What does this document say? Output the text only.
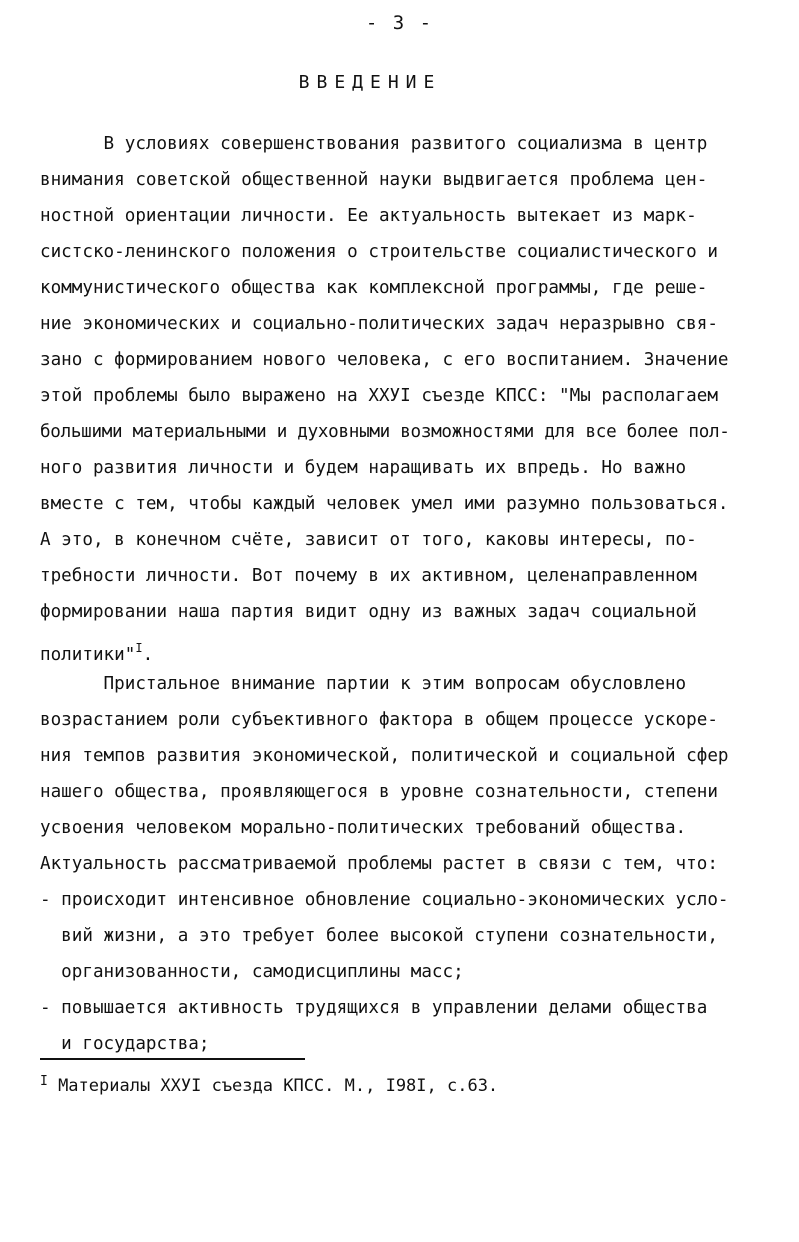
- 3 -
ВВЕДЕНИЕ
В условиях совершенствования развитого социализма в центр
внимания советской общественной науки выдвигается проблема цен-
ностной ориентации личности. Ее актуальность вытекает из марк-
систско-ленинского положения о строительстве социалистического и
коммунистического общества как комплексной программы, где реше-
ние экономических и социально-политических задач неразрывно свя-
зано с формированием нового человека, с его воспитанием. Значение
этой проблемы было выражено на ХХУI съезде КПСС: "Мы располагаем
большими материальными и духовными возможностями для все более пол-
ного развития личности и будем наращивать их впредь. Но важно
вместе с тем, чтобы каждый человек умел ими разумно пользоваться.
А это, в конечном счёте, зависит от того, каковы интересы, по-
требности личности. Вот почему в их активном, целенаправленном
формировании наша партия видит одну из важных задач социальной
политики"$^I$.
Пристальное внимание партии к этим вопросам обусловлено
возрастанием роли субъективного фактора в общем процессе ускоре-
ния темпов развития экономической, политической и социальной сфер
нашего общества, проявляющегося в уровне сознательности, степени
усвоения человеком морально-политических требований общества.
Актуальность рассматриваемой проблемы растет в связи с тем, что:
- происходит интенсивное обновление социально-экономических усло-
вий жизни, а это требует более высокой ступени сознательности,
организованности, самодисциплины масс;
- повышается активность трудящихся в управлении делами общества
и государства;
$^I$ Материалы ХХУI съезда КПСС. М., I98I, с.63.
